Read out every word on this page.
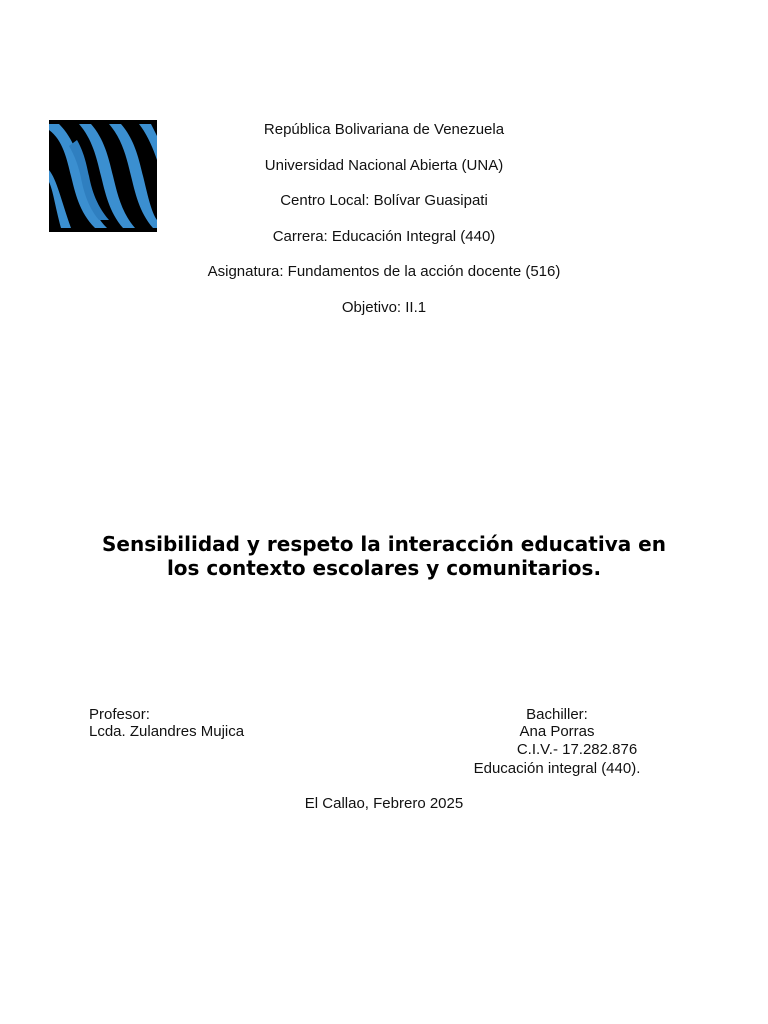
República Bolivariana de Venezuela
Universidad Nacional Abierta (UNA)
Centro Local: Bolívar Guasipati
Carrera: Educación Integral (440)
Asignatura: Fundamentos de la acción docente (516)
Objetivo: II.1
Sensibilidad y respeto la interacción educativa en
los contexto escolares y comunitarios.
Profesor:
Lcda. Zulandres Mujica
Bachiller:
Ana Porras
C.I.V.- 17.282.876
Educación integral (440).
El Callao, Febrero 2025
